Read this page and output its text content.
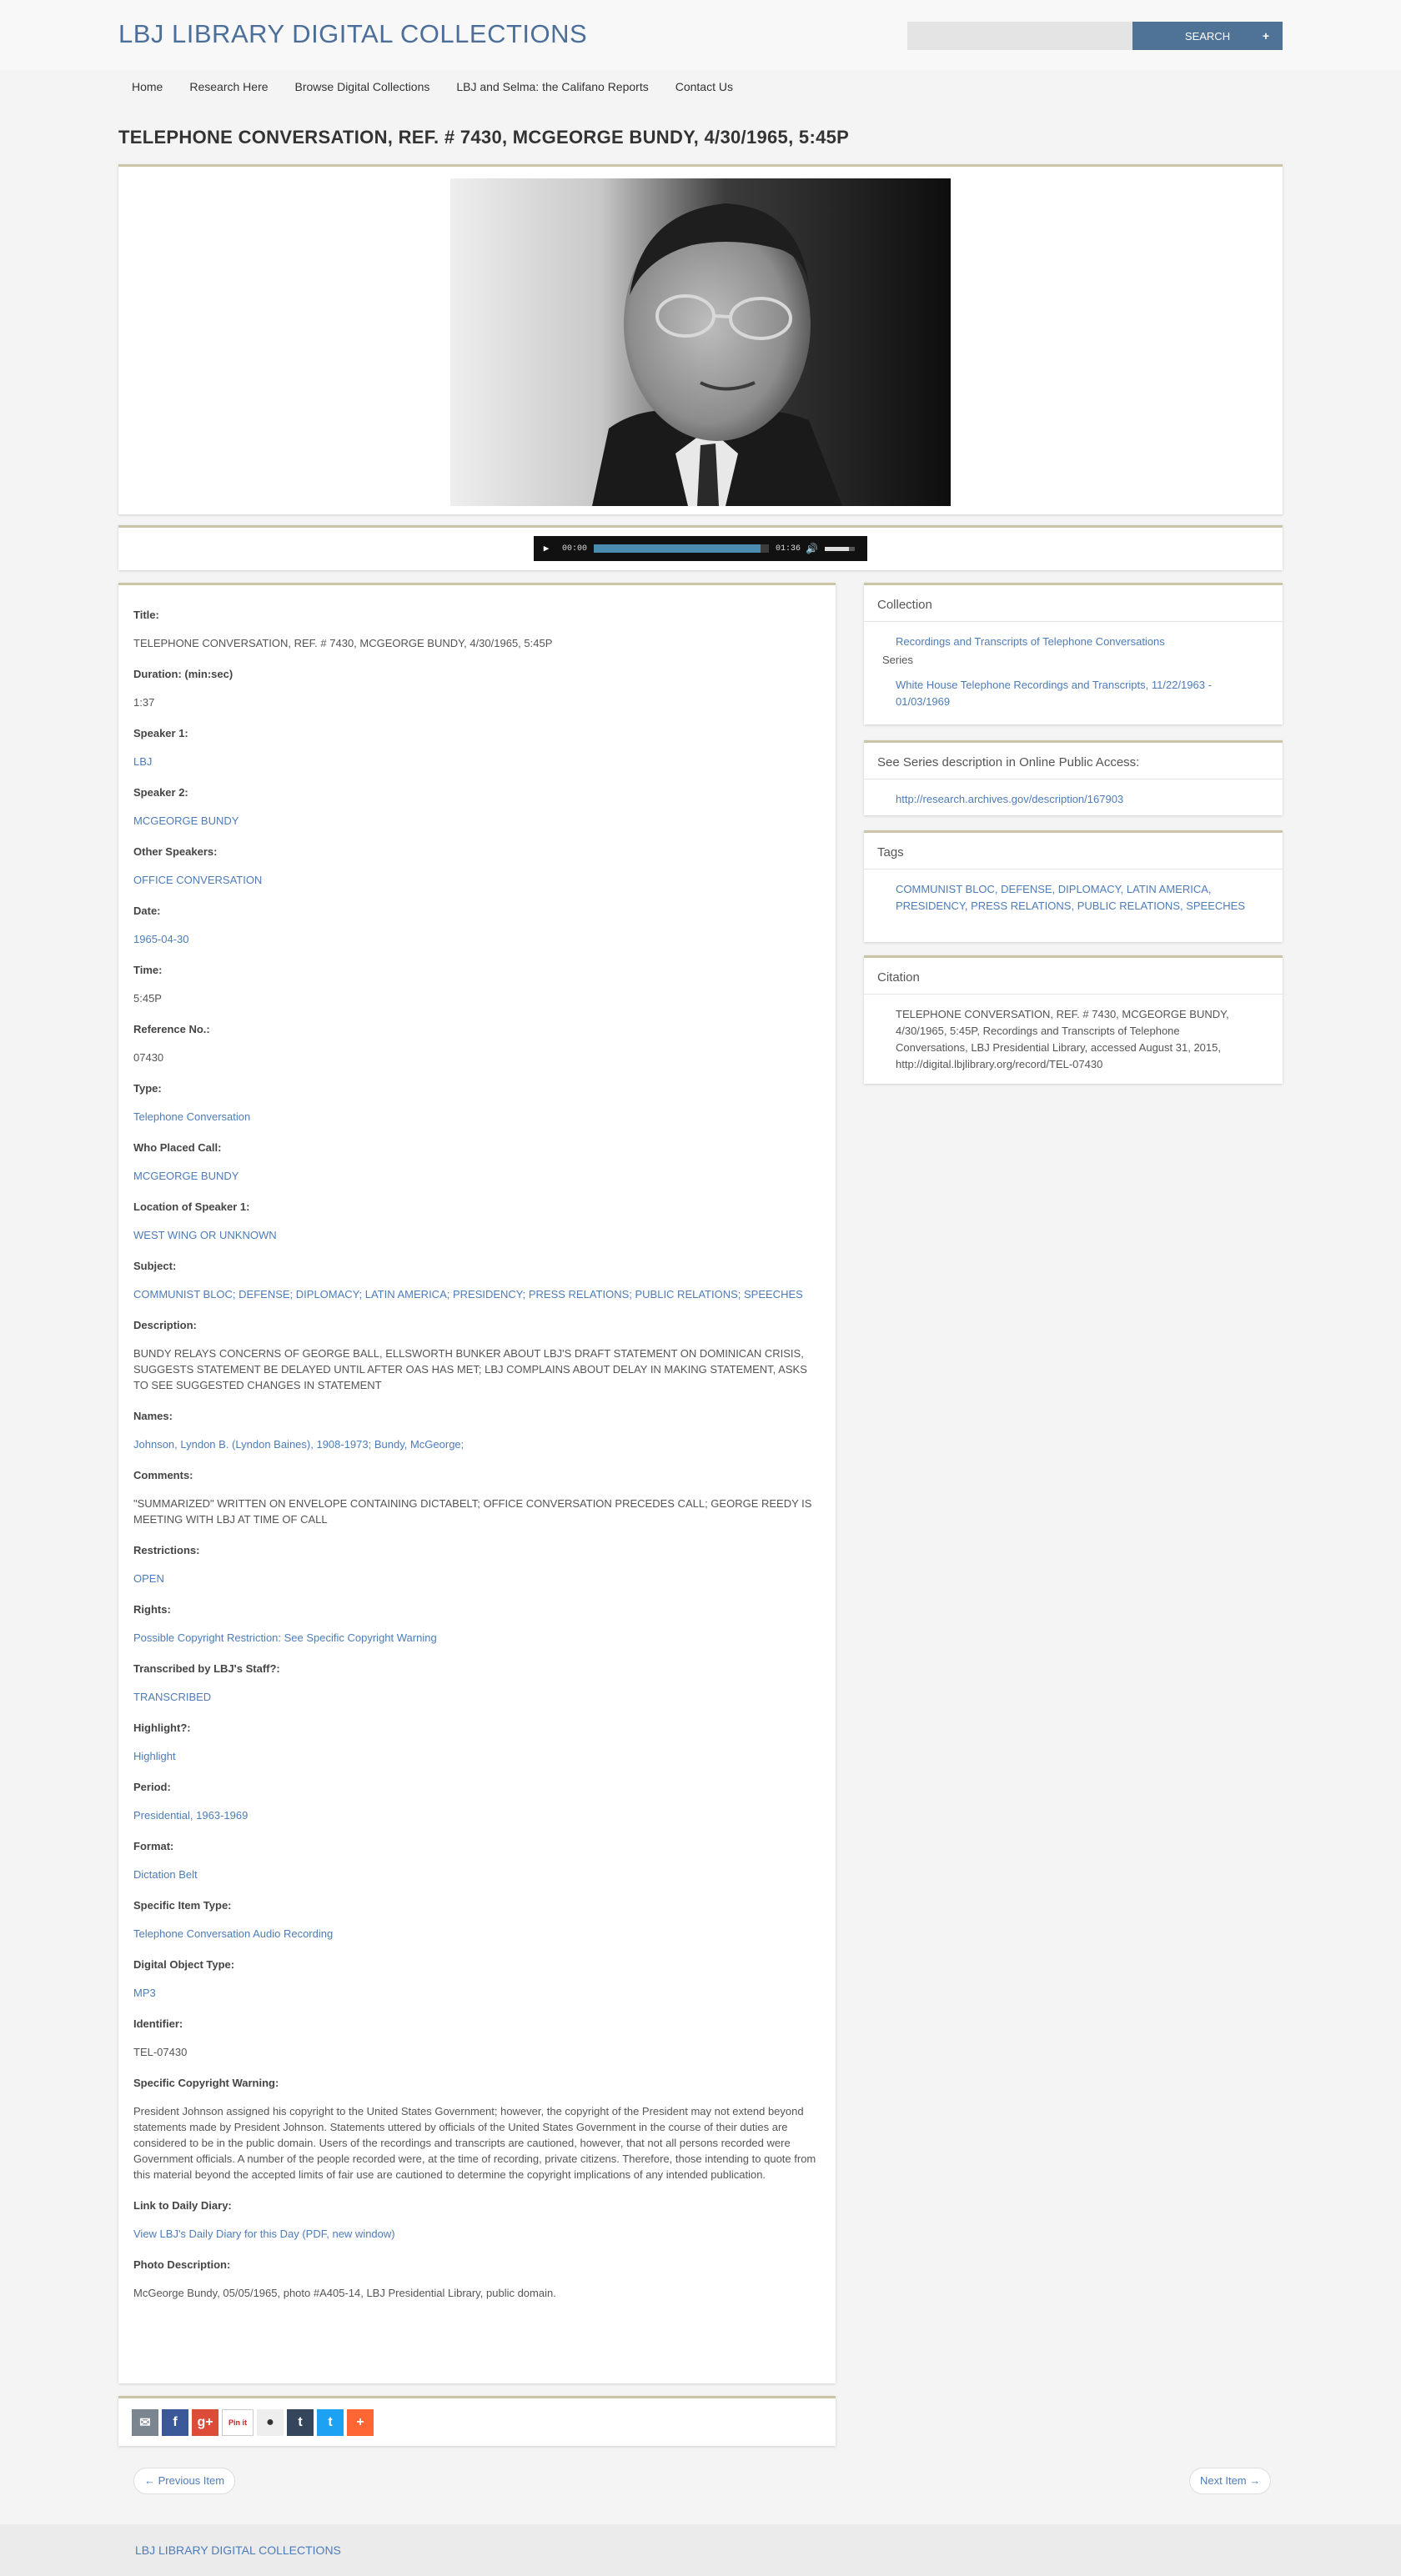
LBJ LIBRARY DIGITAL COLLECTIONS	SEARCH	+
Home	Research Here	Browse Digital Collections	LBJ and Selma: the Califano Reports	Contact Us
TELEPHONE CONVERSATION, REF. # 7430, MCGEORGE BUNDY, 4/30/1965, 5:45P
▶	00:00	01:36 🔊
Title:
TELEPHONE CONVERSATION, REF. # 7430, MCGEORGE BUNDY, 4/30/1965, 5:45P
Duration: (min:sec)
1:37
Speaker 1:
LBJ
Speaker 2:
MCGEORGE BUNDY
Other Speakers:
OFFICE CONVERSATION
Date:
1965-04-30
Time:
5:45P
Reference No.:
07430
Type:
Telephone Conversation
Who Placed Call:
MCGEORGE BUNDY
Location of Speaker 1:
WEST WING OR UNKNOWN
Subject:
COMMUNIST BLOC; DEFENSE; DIPLOMACY; LATIN AMERICA; PRESIDENCY; PRESS RELATIONS; PUBLIC RELATIONS; SPEECHES
Description:
BUNDY RELAYS CONCERNS OF GEORGE BALL, ELLSWORTH BUNKER ABOUT LBJ'S DRAFT STATEMENT ON DOMINICAN CRISIS, SUGGESTS STATEMENT BE DELAYED UNTIL AFTER OAS HAS MET; LBJ COMPLAINS ABOUT DELAY IN MAKING STATEMENT, ASKS TO SEE SUGGESTED CHANGES IN STATEMENT
Names:
Johnson, Lyndon B. (Lyndon Baines), 1908-1973; Bundy, McGeorge;
Comments:
"SUMMARIZED" WRITTEN ON ENVELOPE CONTAINING DICTABELT; OFFICE CONVERSATION PRECEDES CALL; GEORGE REEDY IS MEETING WITH LBJ AT TIME OF CALL
Restrictions:
OPEN
Rights:
Possible Copyright Restriction: See Specific Copyright Warning
Transcribed by LBJ's Staff?:
TRANSCRIBED
Highlight?:
Highlight
Period:
Presidential, 1963-1969
Format:
Dictation Belt
Specific Item Type:
Telephone Conversation Audio Recording
Digital Object Type:
MP3
Identifier:
TEL-07430
Specific Copyright Warning:
President Johnson assigned his copyright to the United States Government; however, the copyright of the President may not extend beyond statements made by President Johnson. Statements uttered by officials of the United States Government in the course of their duties are considered to be in the public domain. Users of the recordings and transcripts are cautioned, however, that not all persons recorded were Government officials. A number of the people recorded were, at the time of recording, private citizens. Therefore, those intending to quote from this material beyond the accepted limits of fair use are cautioned to determine the copyright implications of any intended publication.
Link to Daily Diary:
View LBJ's Daily Diary for this Day (PDF, new window)
Photo Description:
McGeorge Bundy, 05/05/1965, photo #A405-14, LBJ Presidential Library, public domain.
Collection
Recordings and Transcripts of Telephone Conversations
Series
White House Telephone Recordings and Transcripts, 11/22/1963 - 01/03/1969
See Series description in Online Public Access:
http://research.archives.gov/description/167903
Tags
COMMUNIST BLOC, DEFENSE, DIPLOMACY, LATIN AMERICA, PRESIDENCY, PRESS RELATIONS, PUBLIC RELATIONS, SPEECHES
Citation
TELEPHONE CONVERSATION, REF. # 7430, MCGEORGE BUNDY, 4/30/1965, 5:45P, Recordings and Transcripts of Telephone Conversations, LBJ Presidential Library, accessed August 31, 2015, http://digital.lbjlibrary.org/record/TEL-07430
✉	f	g+	Pin it	●	t	t	+
← Previous Item	Next Item →
LBJ LIBRARY DIGITAL COLLECTIONS
